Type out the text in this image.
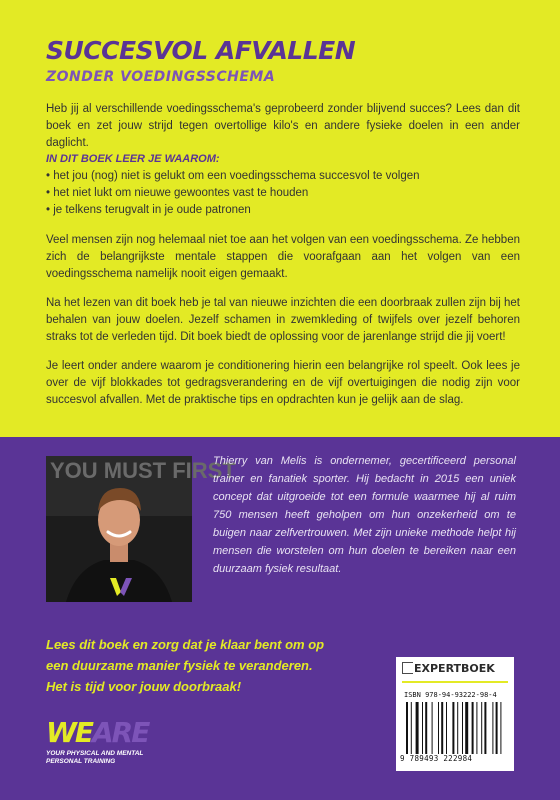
SUCCESVOL AFVALLEN
ZONDER VOEDINGSSCHEMA

Heb jij al verschillende voedingsschema's geprobeerd zonder blijvend succes? Lees dan dit boek en zet jouw strijd tegen overtollige kilo's en andere fysieke doelen in een ander daglicht.

IN DIT BOEK LEER JE WAAROM:
• het jou (nog) niet is gelukt om een voedingsschema succesvol te volgen
• het niet lukt om nieuwe gewoontes vast te houden
• je telkens terugvalt in je oude patronen

Veel mensen zijn nog helemaal niet toe aan het volgen van een voedingsschema. Ze hebben zich de belangrijkste mentale stappen die voorafgaan aan het volgen van een voedingsschema namelijk nooit eigen gemaakt.

Na het lezen van dit boek heb je tal van nieuwe inzichten die een doorbraak zullen zijn bij het behalen van jouw doelen. Jezelf schamen in zwemkleding of twijfels over jezelf behoren straks tot de verleden tijd. Dit boek biedt de oplossing voor de jarenlange strijd die jij voert!

Je leert onder andere waarom je conditionering hierin een belangrijke rol speelt. Ook lees je over de vijf blokkades tot gedragsverandering en de vijf overtuigingen die nodig zijn voor succesvol afvallen. Met de praktische tips en opdrachten kun je gelijk aan de slag.

YOU MUST FIRST

Thierry van Melis is ondernemer, gecertificeerd personal trainer en fanatiek sporter. Hij bedacht in 2015 een uniek concept dat uitgroeide tot een formule waarmee hij al ruim 750 mensen heeft geholpen om hun onzekerheid om te buigen naar zelfvertrouwen. Met zijn unieke methode helpt hij mensen die worstelen om hun doelen te bereiken naar een duurzaam fysiek resultaat.

Lees dit boek en zorg dat je klaar bent om op
een duurzame manier fysiek te veranderen.
Het is tijd voor jouw doorbraak!
WEARE
YOUR PHYSICAL AND MENTAL
PERSONAL TRAINING
EXPERTBOEK
ISBN 978-94-93222-98-4
9 789493 222984
